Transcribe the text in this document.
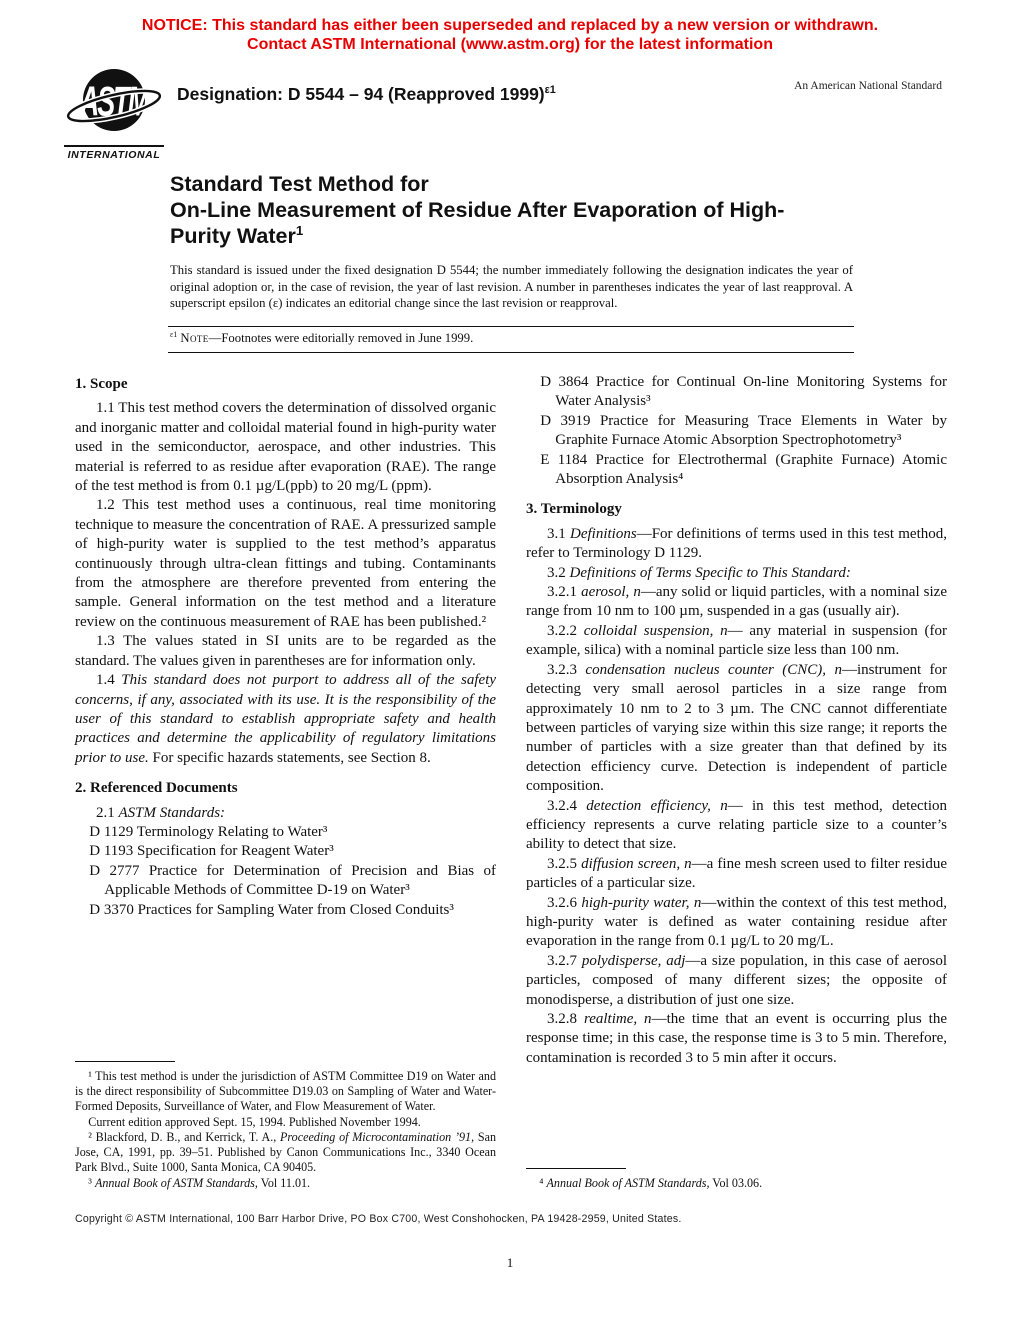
NOTICE: This standard has either been superseded and replaced by a new version or withdrawn.
Contact ASTM International (www.astm.org) for the latest information
ASTM
INTERNATIONAL
Designation: D 5544 – 94 (Reapproved 1999)$^{\varepsilon 1}$	An American National Standard
Standard Test Method for
On-Line Measurement of Residue After Evaporation of High-
Purity Water$^1$
This standard is issued under the fixed designation D 5544; the number immediately following the designation indicates the year of original adoption or, in the case of revision, the year of last revision. A number in parentheses indicates the year of last reapproval. A superscript epsilon (ε) indicates an editorial change since the last revision or reapproval.
$^{\varepsilon 1}$ Note—Footnotes were editorially removed in June 1999.
1. Scope
1.1 This test method covers the determination of dissolved organic and inorganic matter and colloidal material found in high-purity water used in the semiconductor, aerospace, and other industries. This material is referred to as residue after evaporation (RAE). The range of the test method is from 0.1 µg/L(ppb) to 20 mg/L (ppm).
1.2 This test method uses a continuous, real time monitoring technique to measure the concentration of RAE. A pressurized sample of high-purity water is supplied to the test method’s apparatus continuously through ultra-clean fittings and tubing. Contaminants from the atmosphere are therefore prevented from entering the sample. General information on the test method and a literature review on the continuous measurement of RAE has been published.²
1.3 The values stated in SI units are to be regarded as the standard. The values given in parentheses are for information only.
1.4 This standard does not purport to address all of the safety concerns, if any, associated with its use. It is the responsibility of the user of this standard to establish appropriate safety and health practices and determine the applicability of regulatory limitations prior to use. For specific hazards statements, see Section 8.
2. Referenced Documents
2.1 ASTM Standards:
D 1129 Terminology Relating to Water³
D 1193 Specification for Reagent Water³
D 2777 Practice for Determination of Precision and Bias of Applicable Methods of Committee D-19 on Water³
D 3370 Practices for Sampling Water from Closed Conduits³
¹ This test method is under the jurisdiction of ASTM Committee D19 on Water and is the direct responsibility of Subcommittee D19.03 on Sampling of Water and Water-Formed Deposits, Surveillance of Water, and Flow Measurement of Water.
Current edition approved Sept. 15, 1994. Published November 1994.
² Blackford, D. B., and Kerrick, T. A., Proceeding of Microcontamination ’91, San Jose, CA, 1991, pp. 39–51. Published by Canon Communications Inc., 3340 Ocean Park Blvd., Suite 1000, Santa Monica, CA 90405.
³ Annual Book of ASTM Standards, Vol 11.01.
D 3864 Practice for Continual On-line Monitoring Systems for Water Analysis³
D 3919 Practice for Measuring Trace Elements in Water by Graphite Furnace Atomic Absorption Spectrophotometry³
E 1184 Practice for Electrothermal (Graphite Furnace) Atomic Absorption Analysis⁴
3. Terminology
3.1 Definitions—For definitions of terms used in this test method, refer to Terminology D 1129.
3.2 Definitions of Terms Specific to This Standard:
3.2.1 aerosol, n—any solid or liquid particles, with a nominal size range from 10 nm to 100 µm, suspended in a gas (usually air).
3.2.2 colloidal suspension, n— any material in suspension (for example, silica) with a nominal particle size less than 100 nm.
3.2.3 condensation nucleus counter (CNC), n—instrument for detecting very small aerosol particles in a size range from approximately 10 nm to 2 to 3 µm. The CNC cannot differentiate between particles of varying size within this size range; it reports the number of particles with a size greater than that defined by its detection efficiency curve. Detection is independent of particle composition.
3.2.4 detection efficiency, n— in this test method, detection efficiency represents a curve relating particle size to a counter’s ability to detect that size.
3.2.5 diffusion screen, n—a fine mesh screen used to filter residue particles of a particular size.
3.2.6 high-purity water, n—within the context of this test method, high-purity water is defined as water containing residue after evaporation in the range from 0.1 µg/L to 20 mg/L.
3.2.7 polydisperse, adj—a size population, in this case of aerosol particles, composed of many different sizes; the opposite of monodisperse, a distribution of just one size.
3.2.8 realtime, n—the time that an event is occurring plus the response time; in this case, the response time is 3 to 5 min. Therefore, contamination is recorded 3 to 5 min after it occurs.
⁴ Annual Book of ASTM Standards, Vol 03.06.
Copyright © ASTM International, 100 Barr Harbor Drive, PO Box C700, West Conshohocken, PA 19428-2959, United States.
1
